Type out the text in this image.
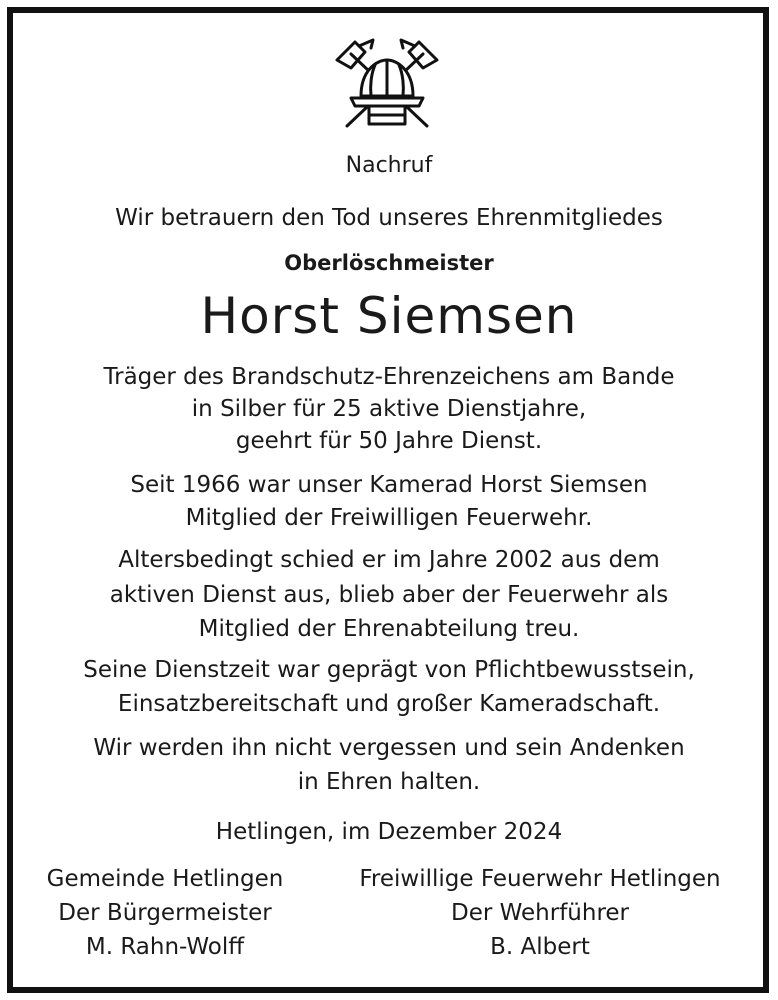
Nachruf
Wir betrauern den Tod unseres Ehrenmitgliedes
Oberlöschmeister
Horst Siemsen
Träger des Brandschutz-Ehrenzeichens am Bande
in Silber für 25 aktive Dienstjahre,
geehrt für 50 Jahre Dienst.
Seit 1966 war unser Kamerad Horst Siemsen
Mitglied der Freiwilligen Feuerwehr.
Altersbedingt schied er im Jahre 2002 aus dem
aktiven Dienst aus, blieb aber der Feuerwehr als
Mitglied der Ehrenabteilung treu.
Seine Dienstzeit war geprägt von Pflichtbewusstsein,
Einsatzbereitschaft und großer Kameradschaft.
Wir werden ihn nicht vergessen und sein Andenken
in Ehren halten.
Hetlingen, im Dezember 2024
Gemeinde Hetlingen
Der Bürgermeister
M. Rahn-Wolff
Freiwillige Feuerwehr Hetlingen
Der Wehrführer
B. Albert
